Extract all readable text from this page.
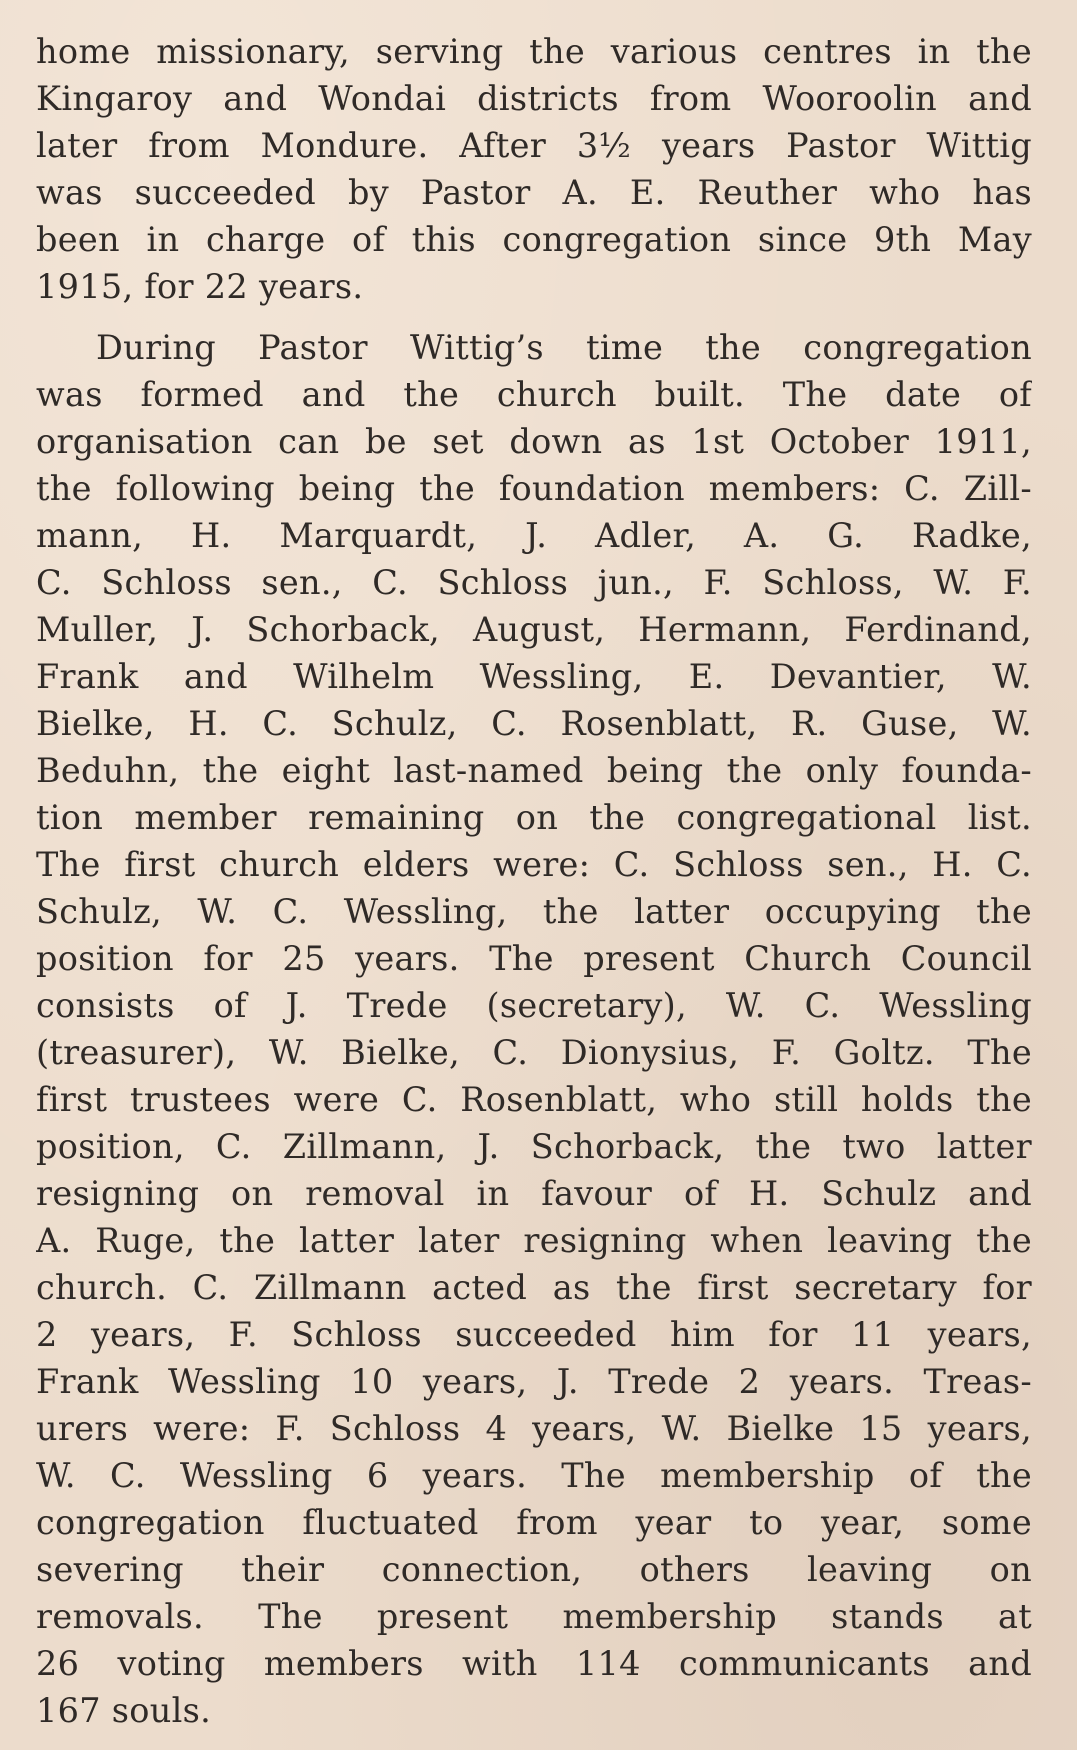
home missionary, serving the various centres in the
Kingaroy and Wondai districts from Wooroolin and
later from Mondure. After 3½ years Pastor Wittig
was succeeded by Pastor A. E. Reuther who has
been in charge of this congregation since 9th May
1915, for 22 years.
During Pastor Wittig’s time the congregation
was formed and the church built. The date of
organisation can be set down as 1st October 1911,
the following being the foundation members: C. Zill-
mann, H. Marquardt, J. Adler, A. G. Radke,
C. Schloss sen., C. Schloss jun., F. Schloss, W. F.
Muller, J. Schorback, August, Hermann, Ferdinand,
Frank and Wilhelm Wessling, E. Devantier, W.
Bielke, H. C. Schulz, C. Rosenblatt, R. Guse, W.
Beduhn, the eight last-named being the only founda-
tion member remaining on the congregational list.
The first church elders were: C. Schloss sen., H. C.
Schulz, W. C. Wessling, the latter occupying the
position for 25 years. The present Church Council
consists of J. Trede (secretary), W. C. Wessling
(treasurer), W. Bielke, C. Dionysius, F. Goltz. The
first trustees were C. Rosenblatt, who still holds the
position, C. Zillmann, J. Schorback, the two latter
resigning on removal in favour of H. Schulz and
A. Ruge, the latter later resigning when leaving the
church. C. Zillmann acted as the first secretary for
2 years, F. Schloss succeeded him for 11 years,
Frank Wessling 10 years, J. Trede 2 years. Treas-
urers were: F. Schloss 4 years, W. Bielke 15 years,
W. C. Wessling 6 years. The membership of the
congregation fluctuated from year to year, some
severing their connection, others leaving on
removals. The present membership stands at
26 voting members with 114 communicants and
167 souls.
